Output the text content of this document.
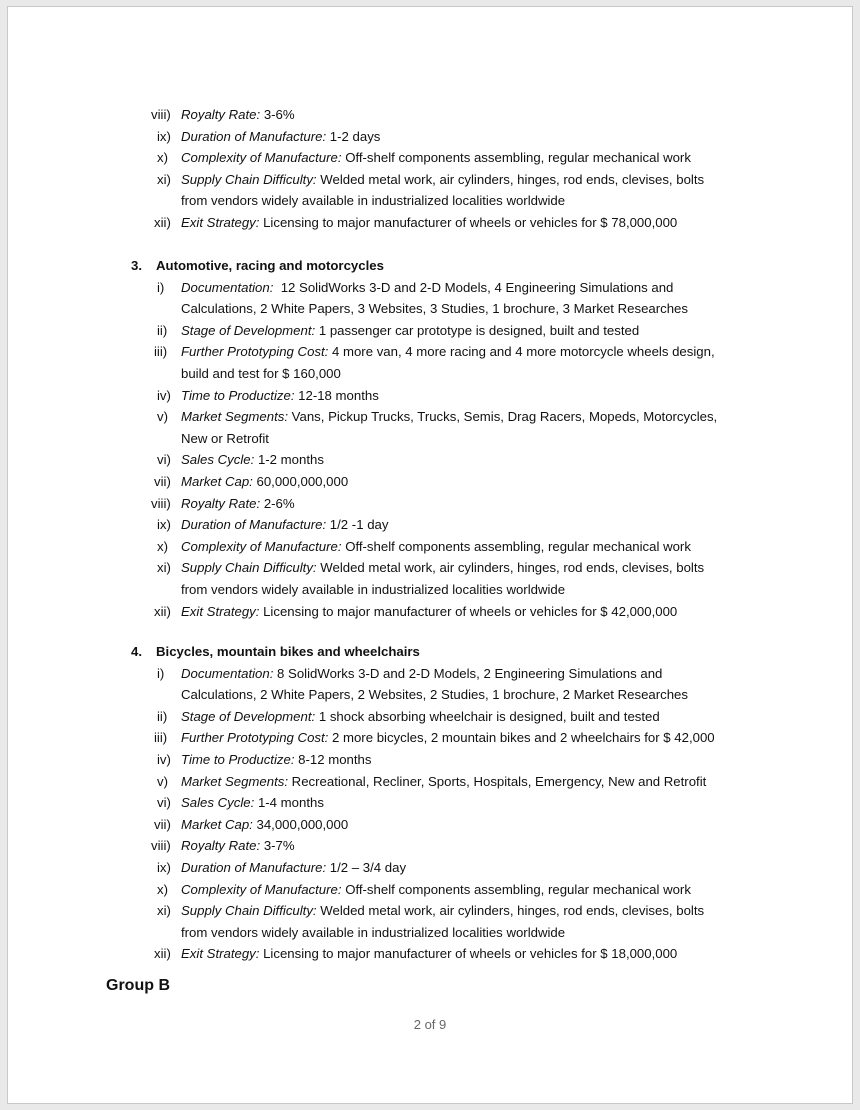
viii) Royalty Rate: 3-6%
ix) Duration of Manufacture: 1-2 days
x) Complexity of Manufacture: Off-shelf components assembling, regular mechanical work
xi) Supply Chain Difficulty: Welded metal work, air cylinders, hinges, rod ends, clevises, bolts
from vendors widely available in industrialized localities worldwide
xii) Exit Strategy: Licensing to major manufacturer of wheels or vehicles for $ 78,000,000
3. Automotive, racing and motorcycles
i)	Documentation:  12 SolidWorks 3-D and 2-D Models, 4 Engineering Simulations and
Calculations, 2 White Papers, 3 Websites, 3 Studies, 1 brochure, 3 Market Researches
ii)	Stage of Development: 1 passenger car prototype is designed, built and tested
iii)	Further Prototyping Cost: 4 more van, 4 more racing and 4 more motorcycle wheels design,
build and test for $ 160,000
iv) Time to Productize: 12-18 months
v) Market Segments: Vans, Pickup Trucks, Trucks, Semis, Drag Racers, Mopeds, Motorcycles,
New or Retrofit
vi) Sales Cycle: 1-2 months
vii) Market Cap: 60,000,000,000
viii) Royalty Rate: 2-6%
ix) Duration of Manufacture: 1/2 -1 day
x) Complexity of Manufacture: Off-shelf components assembling, regular mechanical work
xi) Supply Chain Difficulty: Welded metal work, air cylinders, hinges, rod ends, clevises, bolts
from vendors widely available in industrialized localities worldwide
xii) Exit Strategy: Licensing to major manufacturer of wheels or vehicles for $ 42,000,000
4. Bicycles, mountain bikes and wheelchairs
i)	Documentation: 8 SolidWorks 3-D and 2-D Models, 2 Engineering Simulations and
Calculations, 2 White Papers, 2 Websites, 2 Studies, 1 brochure, 2 Market Researches
ii)	Stage of Development: 1 shock absorbing wheelchair is designed, built and tested
iii)	Further Prototyping Cost: 2 more bicycles, 2 mountain bikes and 2 wheelchairs for $ 42,000
iv) Time to Productize: 8-12 months
v) Market Segments: Recreational, Recliner, Sports, Hospitals, Emergency, New and Retrofit
vi) Sales Cycle: 1-4 months
vii) Market Cap: 34,000,000,000
viii) Royalty Rate: 3-7%
ix) Duration of Manufacture: 1/2 – 3/4 day
x) Complexity of Manufacture: Off-shelf components assembling, regular mechanical work
xi) Supply Chain Difficulty: Welded metal work, air cylinders, hinges, rod ends, clevises, bolts
from vendors widely available in industrialized localities worldwide
xii) Exit Strategy: Licensing to major manufacturer of wheels or vehicles for $ 18,000,000
Group B
2 of 9
